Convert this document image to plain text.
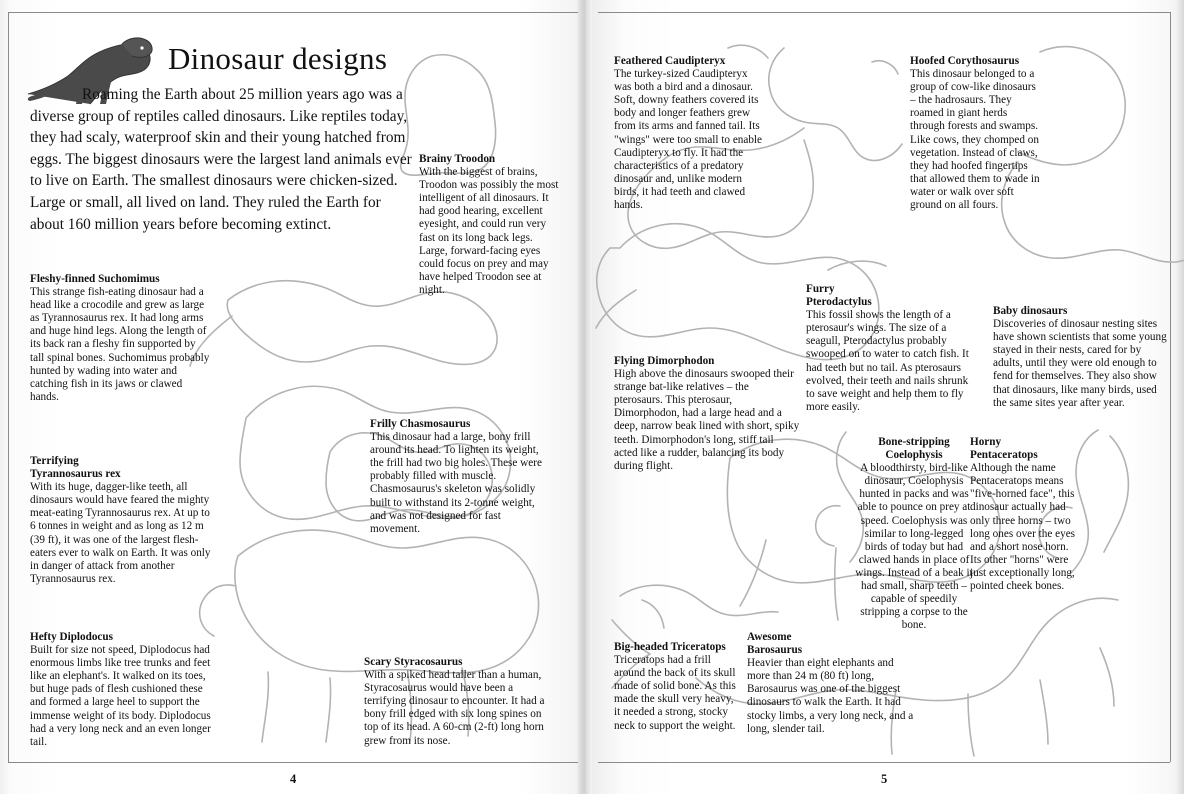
Dinosaur designs
Roaming the Earth about 25 million years ago was a diverse group of reptiles called dinosaurs. Like reptiles today, they had scaly, waterproof skin and their young hatched from eggs. The biggest dinosaurs were the largest land animals ever to live on Earth. The smallest dinosaurs were chicken-sized. Large or small, all lived on land. They ruled the Earth for about 160 million years before becoming extinct.

Fleshy-finned Suchomimus

This strange fish-eating dinosaur had a head like a crocodile and grew as large as Tyrannosaurus rex. It had long arms and huge hind legs. Along the length of its back ran a fleshy fin supported by tall spinal bones. Suchomimus probably hunted by wading into water and catching fish in its jaws or clawed hands.

Terrifying Tyrannosaurus rex

With its huge, dagger-like teeth, all dinosaurs would have feared the mighty meat-eating Tyrannosaurus rex. At up to 6 tonnes in weight and as long as 12 m (39 ft), it was one of the largest flesh-eaters ever to walk on Earth. It was only in danger of attack from another Tyrannosaurus rex.

Hefty Diplodocus

Built for size not speed, Diplodocus had enormous limbs like tree trunks and feet like an elephant's. It walked on its toes, but huge pads of flesh cushioned these and formed a large heel to support the immense weight of its body. Diplodocus had a very long neck and an even longer tail.

Brainy Troodon

With the biggest of brains, Troodon was possibly the most intelligent of all dinosaurs. It had good hearing, excellent eyesight, and could run very fast on its long back legs. Large, forward-facing eyes could focus on prey and may have helped Troodon see at night.

Frilly Chasmosaurus

This dinosaur had a large, bony frill around its head. To lighten its weight, the frill had two big holes. These were probably filled with muscle. Chasmosaurus's skeleton was solidly built to withstand its 2-tonne weight, and was not designed for fast movement.

Scary Styracosaurus

With a spiked head taller than a human, Styracosaurus would have been a terrifying dinosaur to encounter. It had a bony frill edged with six long spines on top of its head. A 60-cm (2-ft) long horn grew from its nose.

Feathered Caudipteryx

The turkey-sized Caudipteryx was both a bird and a dinosaur. Soft, downy feathers covered its body and longer feathers grew from its arms and fanned tail. Its "wings" were too small to enable Caudipteryx to fly. It had the characteristics of a predatory dinosaur and, unlike modern birds, it had teeth and clawed hands.

Hoofed Corythosaurus

This dinosaur belonged to a group of cow-like dinosaurs – the hadrosaurs. They roamed in giant herds through forests and swamps. Like cows, they chomped on vegetation. Instead of claws, they had hoofed fingertips that allowed them to wade in water or walk over soft ground on all fours.

Furry Pterodactylus

This fossil shows the length of a pterosaur's wings. The size of a seagull, Pterodactylus probably swooped on to water to catch fish. It had teeth but no tail. As pterosaurs evolved, their teeth and nails shrunk to save weight and help them to fly more easily.

Baby dinosaurs

Discoveries of dinosaur nesting sites have shown scientists that some young stayed in their nests, cared for by adults, until they were old enough to fend for themselves. They also show that dinosaurs, like many birds, used the same sites year after year.

Flying Dimorphodon

High above the dinosaurs swooped their strange bat-like relatives – the pterosaurs. This pterosaur, Dimorphodon, had a large head and a deep, narrow beak lined with short, spiky teeth. Dimorphodon's long, stiff tail acted like a rudder, balancing its body during flight.

Bone-stripping Coelophysis

A bloodthirsty, bird-like dinosaur, Coelophysis hunted in packs and was able to pounce on prey at speed. Coelophysis was similar to long-legged birds of today but had clawed hands in place of wings. Instead of a beak it had small, sharp teeth – capable of speedily stripping a corpse to the bone.

Horny Pentaceratops

Although the name Pentaceratops means "five-horned face", this dinosaur actually had only three horns – two long ones over the eyes and a short nose horn. Its other "horns" were just exceptionally long, pointed cheek bones.

Big-headed Triceratops

Triceratops had a frill around the back of its skull made of solid bone. As this made the skull very heavy, it needed a strong, stocky neck to support the weight.

Awesome Barosaurus

Heavier than eight elephants and more than 24 m (80 ft) long, Barosaurus was one of the biggest dinosaurs to walk the Earth. It had stocky limbs, a very long neck, and a long, slender tail.

4	5
